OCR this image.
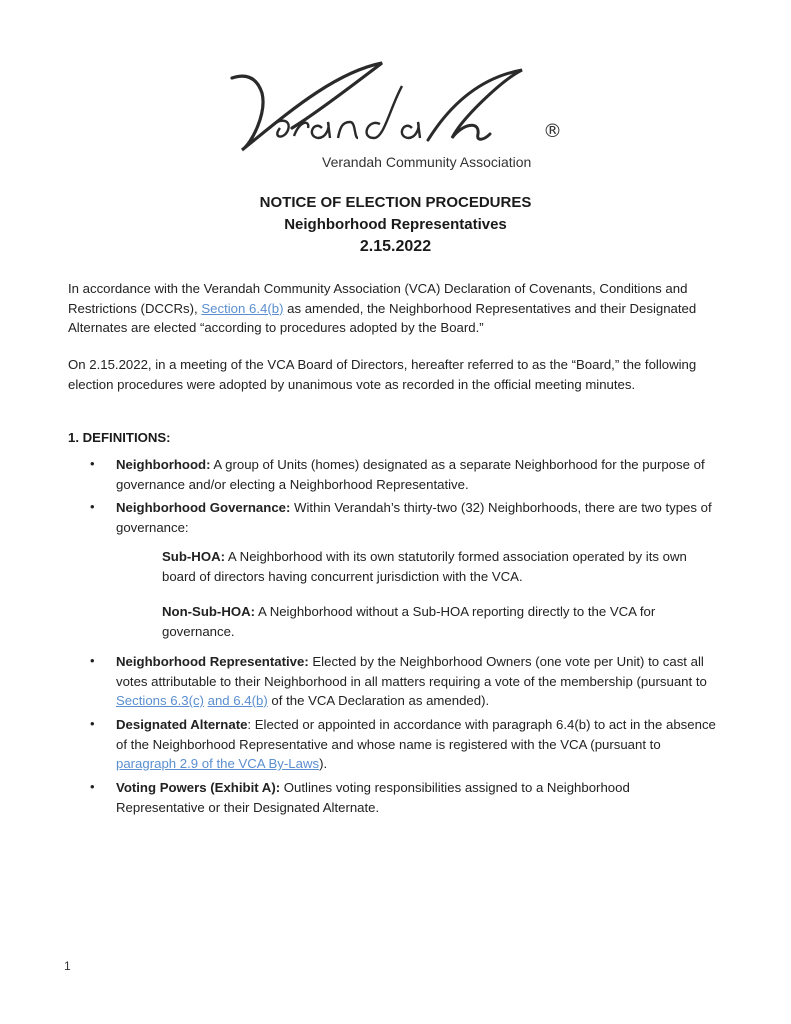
®
Verandah Community Association
NOTICE OF ELECTION PROCEDURES
Neighborhood Representatives
2.15.2022
In accordance with the Verandah Community Association (VCA) Declaration of Covenants, Conditions and Restrictions (DCCRs), Section 6.4(b) as amended, the Neighborhood Representatives and their Designated Alternates are elected “according to procedures adopted by the Board.”
On 2.15.2022, in a meeting of the VCA Board of Directors, hereafter referred to as the “Board,” the following election procedures were adopted by unanimous vote as recorded in the official meeting minutes.
1. DEFINITIONS:
• Neighborhood: A group of Units (homes) designated as a separate Neighborhood for the purpose of governance and/or electing a Neighborhood Representative.
• Neighborhood Governance: Within Verandah’s thirty-two (32) Neighborhoods, there are two types of governance:
Sub-HOA: A Neighborhood with its own statutorily formed association operated by its own board of directors having concurrent jurisdiction with the VCA.
Non-Sub-HOA: A Neighborhood without a Sub-HOA reporting directly to the VCA for governance.
• Neighborhood Representative: Elected by the Neighborhood Owners (one vote per Unit) to cast all votes attributable to their Neighborhood in all matters requiring a vote of the membership (pursuant to Sections 6.3(c) and 6.4(b) of the VCA Declaration as amended).
• Designated Alternate: Elected or appointed in accordance with paragraph 6.4(b) to act in the absence of the Neighborhood Representative and whose name is registered with the VCA (pursuant to paragraph 2.9 of the VCA By-Laws).
• Voting Powers (Exhibit A): Outlines voting responsibilities assigned to a Neighborhood Representative or their Designated Alternate.
1
